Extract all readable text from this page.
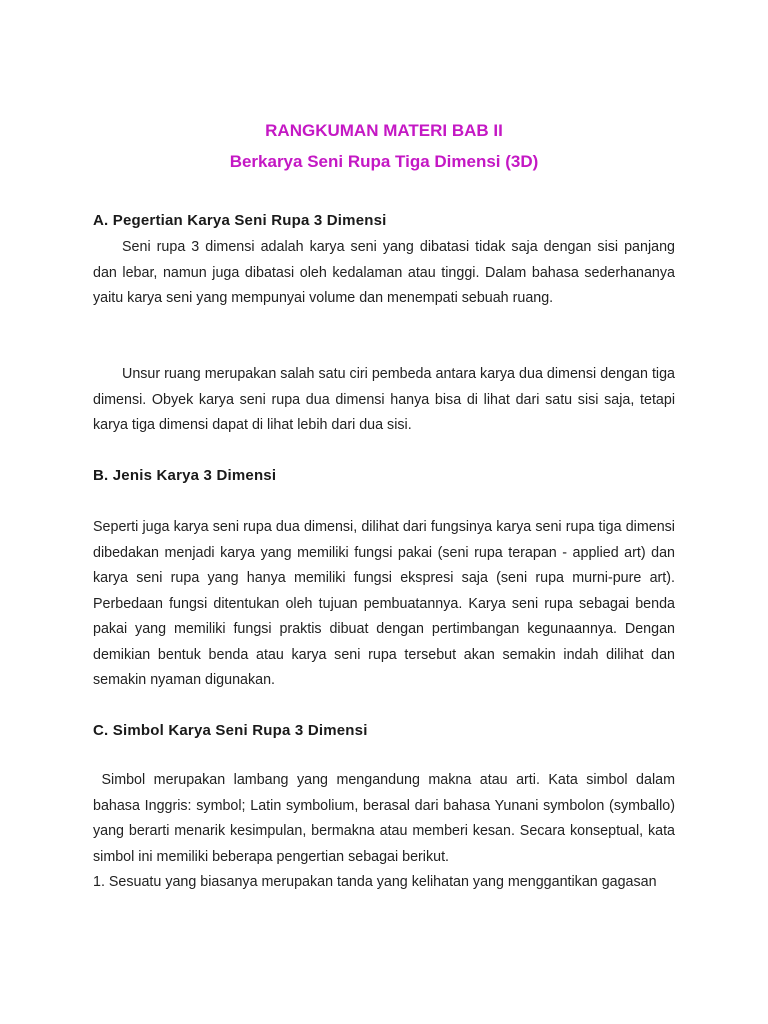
RANGKUMAN MATERI BAB II
Berkarya Seni Rupa Tiga Dimensi (3D)
A. Pegertian Karya Seni Rupa 3 Dimensi
Seni rupa 3 dimensi adalah karya seni yang dibatasi tidak saja dengan sisi panjang dan lebar, namun juga dibatasi oleh kedalaman atau tinggi. Dalam bahasa sederhananya yaitu karya seni yang mempunyai volume dan menempati sebuah ruang.
Unsur ruang merupakan salah satu ciri pembeda antara karya dua dimensi dengan tiga dimensi. Obyek karya seni rupa dua dimensi hanya bisa di lihat dari satu sisi saja, tetapi karya tiga dimensi dapat di lihat lebih dari dua sisi.
B. Jenis Karya 3 Dimensi
Seperti juga karya seni rupa dua dimensi, dilihat dari fungsinya karya seni rupa tiga dimensi dibedakan menjadi karya yang memiliki fungsi pakai (seni rupa terapan - applied art) dan karya seni rupa yang hanya memiliki fungsi ekspresi saja (seni rupa murni-pure art). Perbedaan fungsi ditentukan oleh tujuan pembuatannya. Karya seni rupa sebagai benda pakai yang memiliki fungsi praktis dibuat dengan pertimbangan kegunaannya. Dengan demikian bentuk benda atau karya seni rupa tersebut akan semakin indah dilihat dan semakin nyaman digunakan.
C. Simbol Karya Seni Rupa 3 Dimensi
Simbol merupakan lambang yang mengandung makna atau arti. Kata simbol dalam bahasa Inggris: symbol; Latin symbolium, berasal dari bahasa Yunani symbolon (symballo) yang berarti menarik kesimpulan, bermakna atau memberi kesan. Secara konseptual, kata simbol ini memiliki beberapa pengertian sebagai berikut.
1. Sesuatu yang biasanya merupakan tanda yang kelihatan yang menggantikan gagasan
